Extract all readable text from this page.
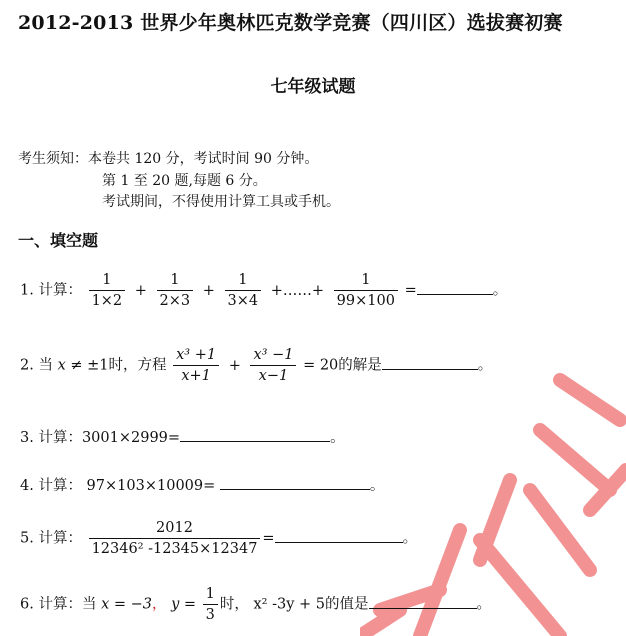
2012-2013 世界少年奥林匹克数学竞赛（四川区）选拔赛初赛
七年级试题
考生须知：本卷共 120 分，考试时间 90 分钟。
第 1 至 20 题,每题 6 分。
考试期间，不得使用计算工具或手机。
一、填空题
1. 计算： $\frac{1}{1\times 2} + \frac{1}{2\times 3} + \frac{1}{3\times 4}$ +……+ $\frac{1}{99\times 100}$ =	。
2. 当 x ≠ ±1时，方程 $\frac{\text{x³ +1}}{x+1} + \frac{\text{x³ −1}}{x-1} = 20$的解是	。
3. 计算：3001×2999=	。
4. 计算： 97×103×10009=	。
5. 计算： $\frac{2012}{\text{12346² -12345×12347}}$ =	。
6. 计算：当 x = −3， $y = \frac{1}{3}$ 时， x² -3y + 5的值是	。
